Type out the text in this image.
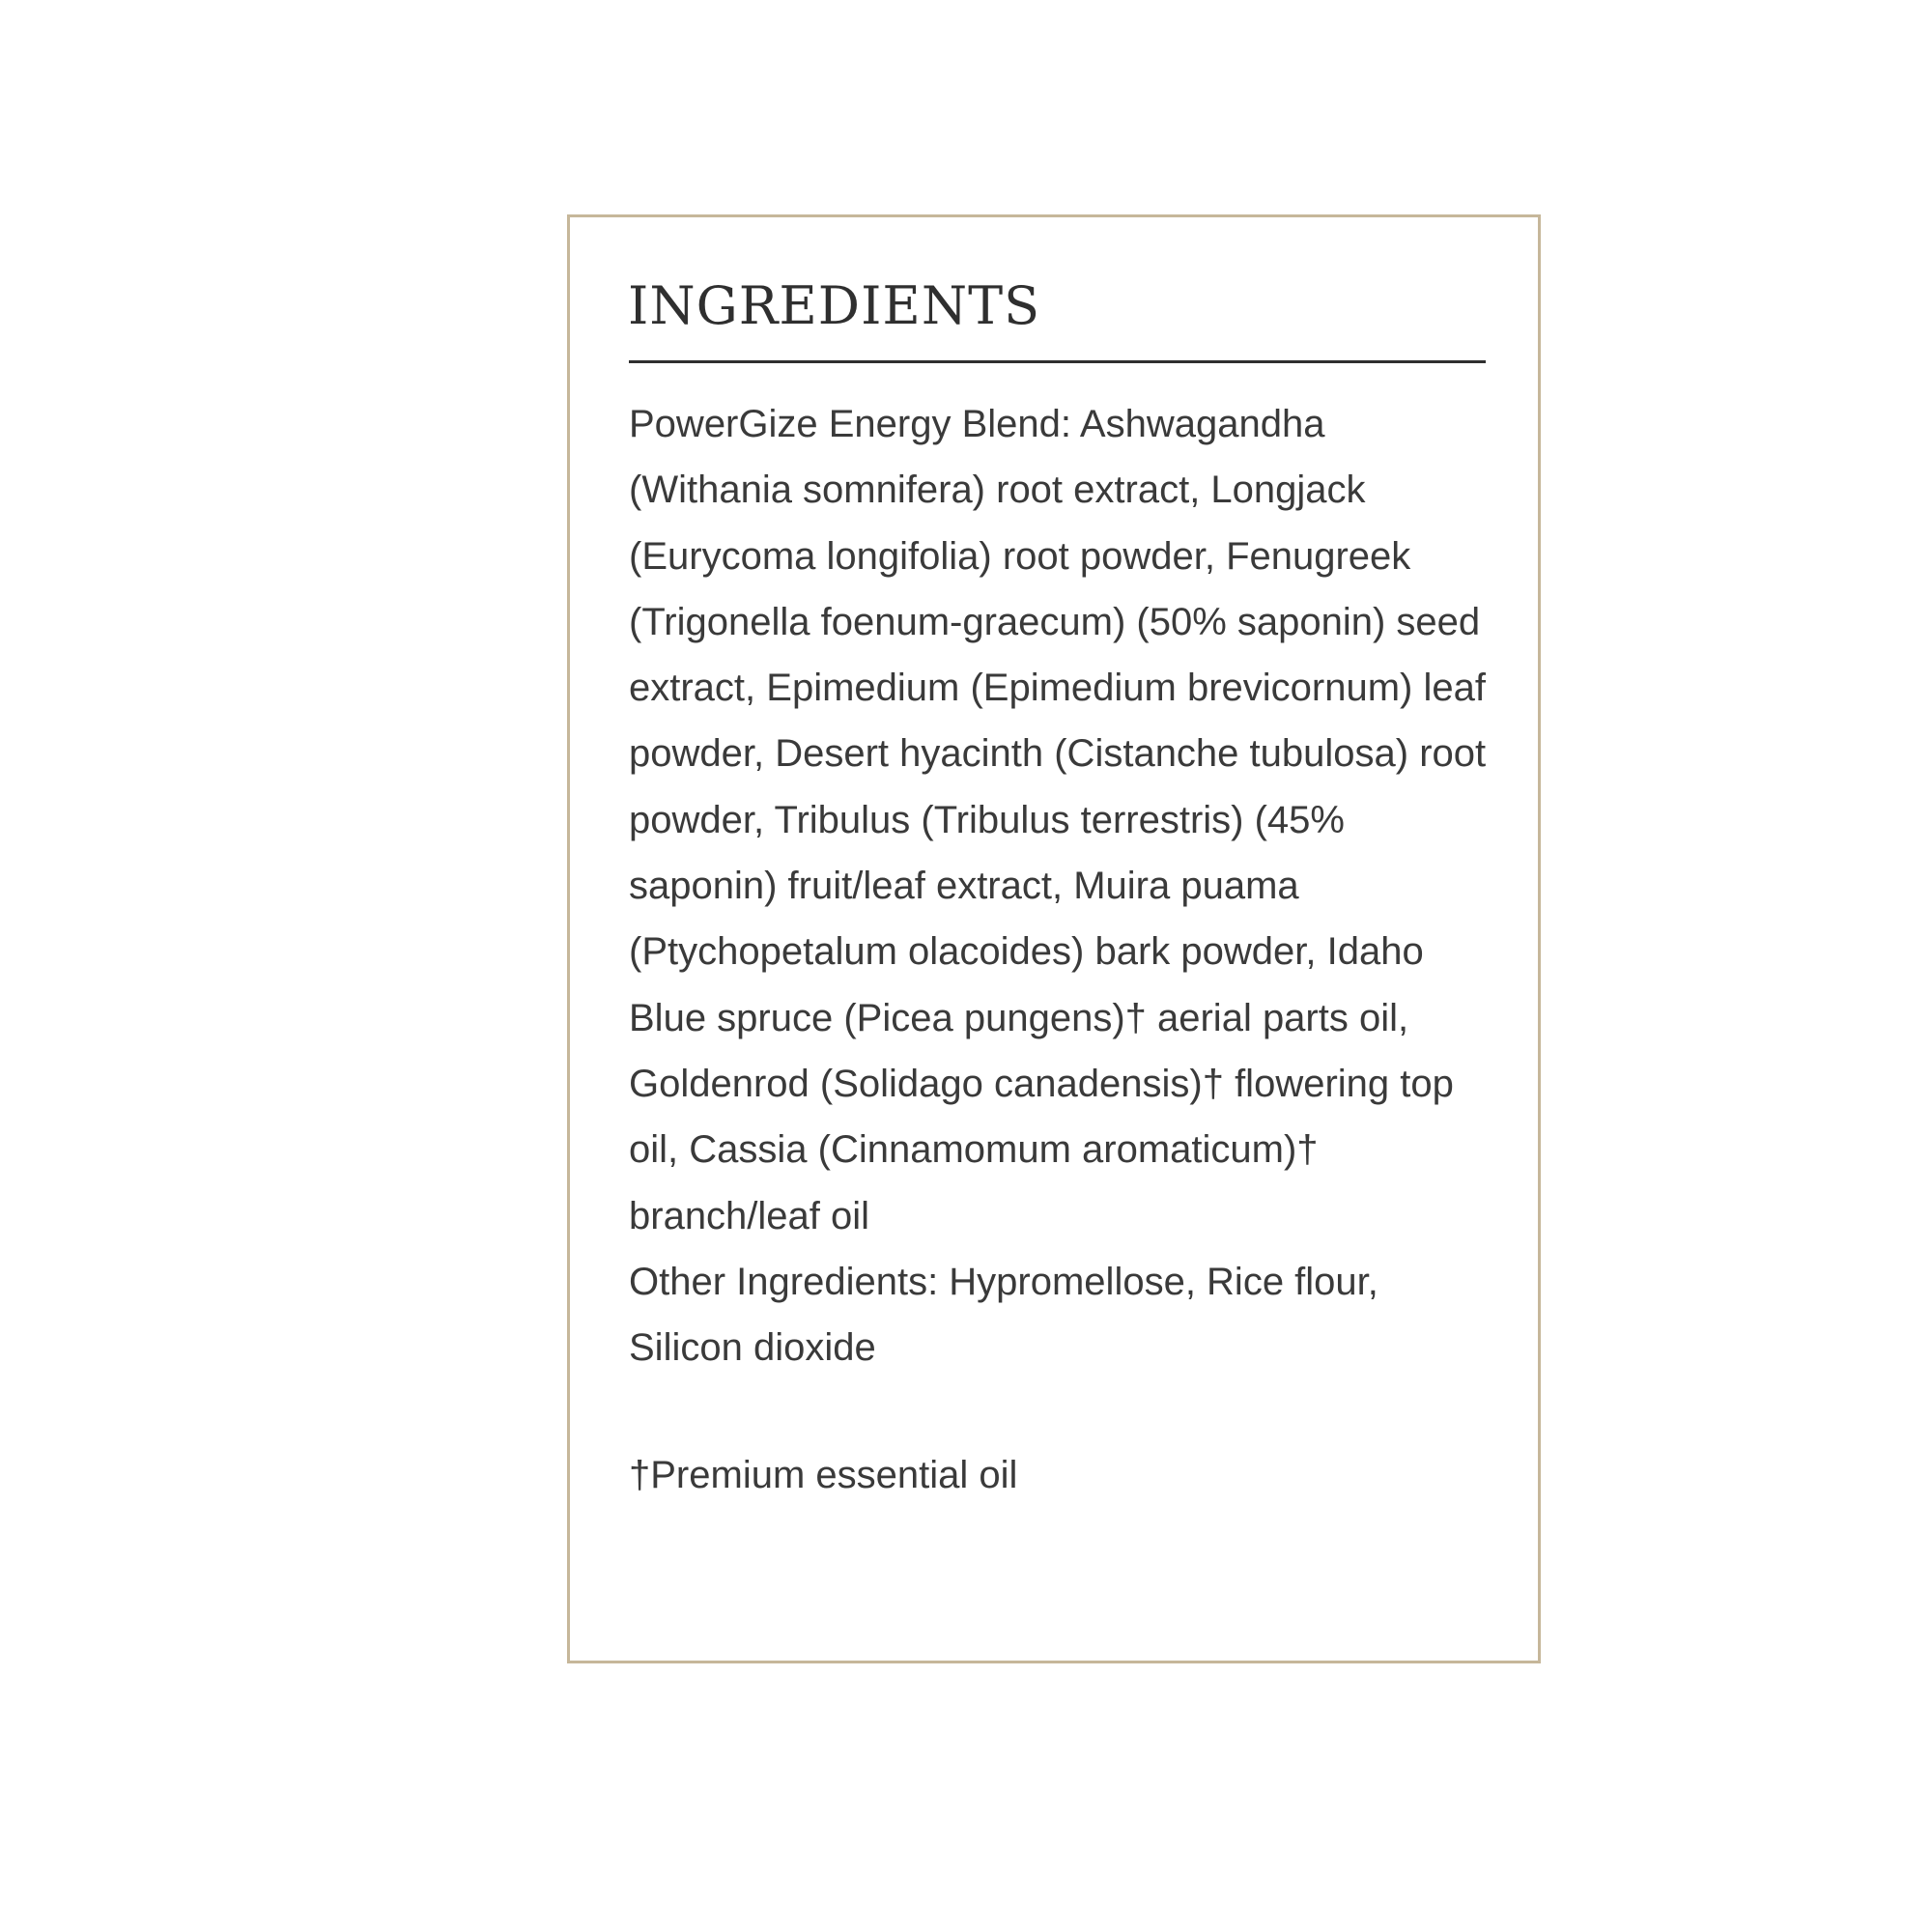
INGREDIENTS

PowerGize Energy Blend: Ashwagandha (Withania somnifera) root extract, Longjack (Eurycoma longifolia) root powder, Fenugreek (Trigonella foenum-graecum) (50% saponin) seed extract, Epimedium (Epimedium brevicornum) leaf powder, Desert hyacinth (Cistanche tubulosa) root powder, Tribulus (Tribulus terrestris) (45% saponin) fruit/leaf extract, Muira puama (Ptychopetalum olacoides) bark powder, Idaho Blue spruce (Picea pungens)† aerial parts oil, Goldenrod (Solidago canadensis)† flowering top oil, Cassia (Cinnamomum aromaticum)† branch/leaf oil
Other Ingredients: Hypromellose, Rice flour, Silicon dioxide

†Premium essential oil
